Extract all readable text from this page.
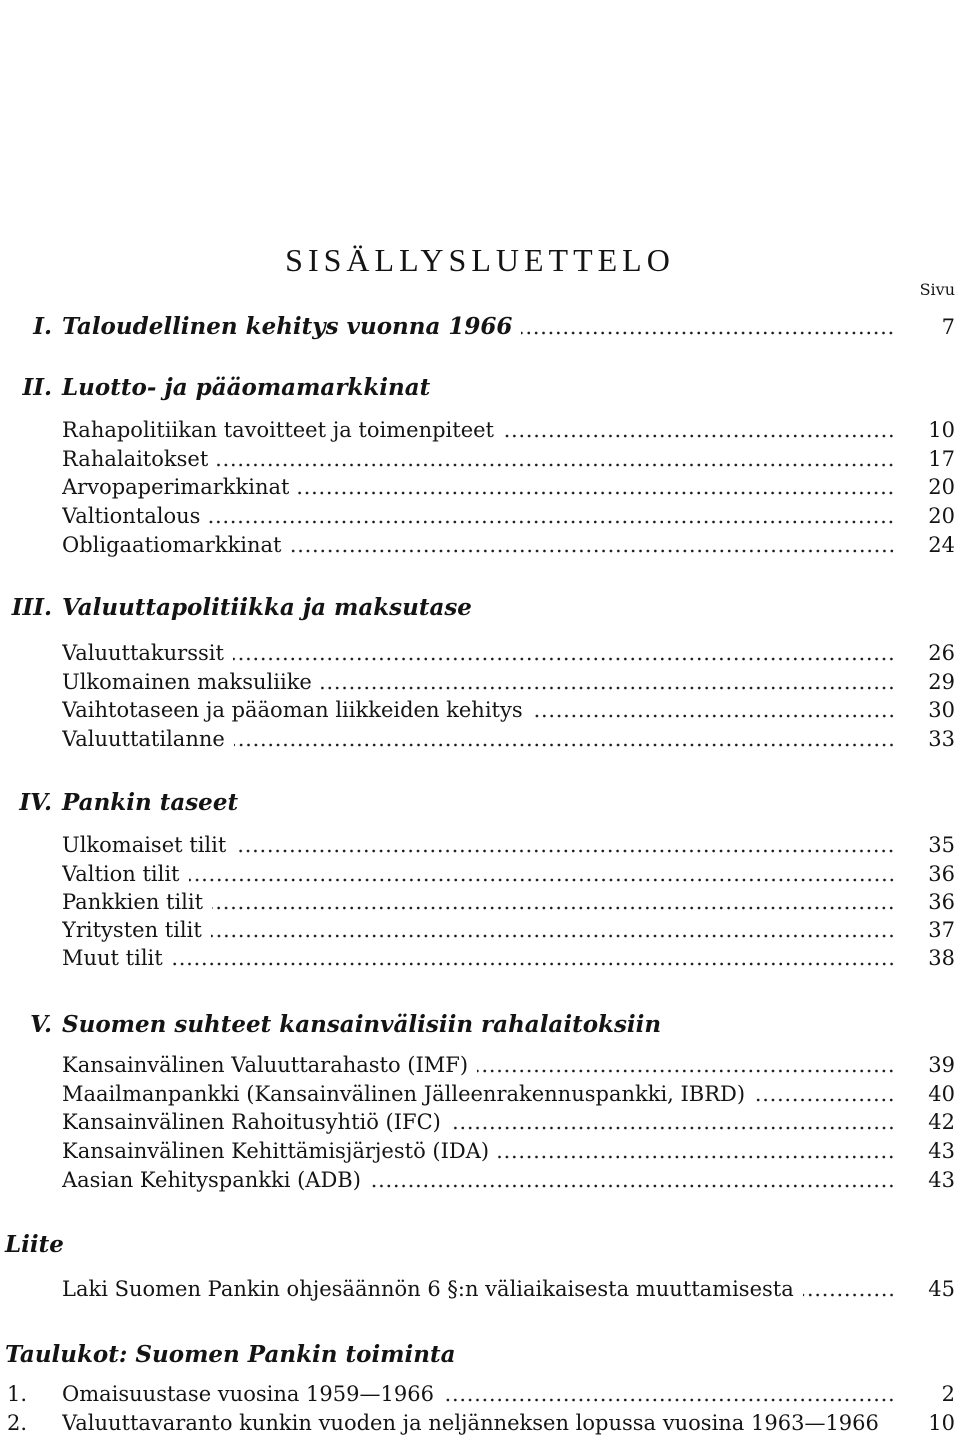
SISÄLLYSLUETTELO
Sivu
I. Taloudellinen kehitys vuonna 1966	7
II. Luotto- ja pääomamarkkinat
Rahapolitiikan tavoitteet ja toimenpiteet	10
Rahalaitokset	17
Arvopaperimarkkinat	20
Valtiontalous	20
Obligaatiomarkkinat	24
III. Valuuttapolitiikka ja maksutase
Valuuttakurssit	26
Ulkomainen maksuliike	29
Vaihtotaseen ja pääoman liikkeiden kehitys	30
Valuuttatilanne	33
IV. Pankin taseet
Ulkomaiset tilit	35
Valtion tilit	36
Pankkien tilit	36
Yritysten tilit	37
Muut tilit	38
V. Suomen suhteet kansainvälisiin rahalaitoksiin
Kansainvälinen Valuuttarahasto (IMF)	39
Maailmanpankki (Kansainvälinen Jälleenrakennuspankki, IBRD)	40
Kansainvälinen Rahoitusyhtiö (IFC)	42
Kansainvälinen Kehittämisjärjestö (IDA)	43
Aasian Kehityspankki (ADB)	43
Liite
Laki Suomen Pankin ohjesäännön 6 §:n väliaikaisesta muuttamisesta	45
Taulukot: Suomen Pankin toiminta
1. Omaisuustase vuosina 1959—1966	2
2. Valuuttavaranto kunkin vuoden ja neljänneksen lopussa vuosina 1963—1966	10
